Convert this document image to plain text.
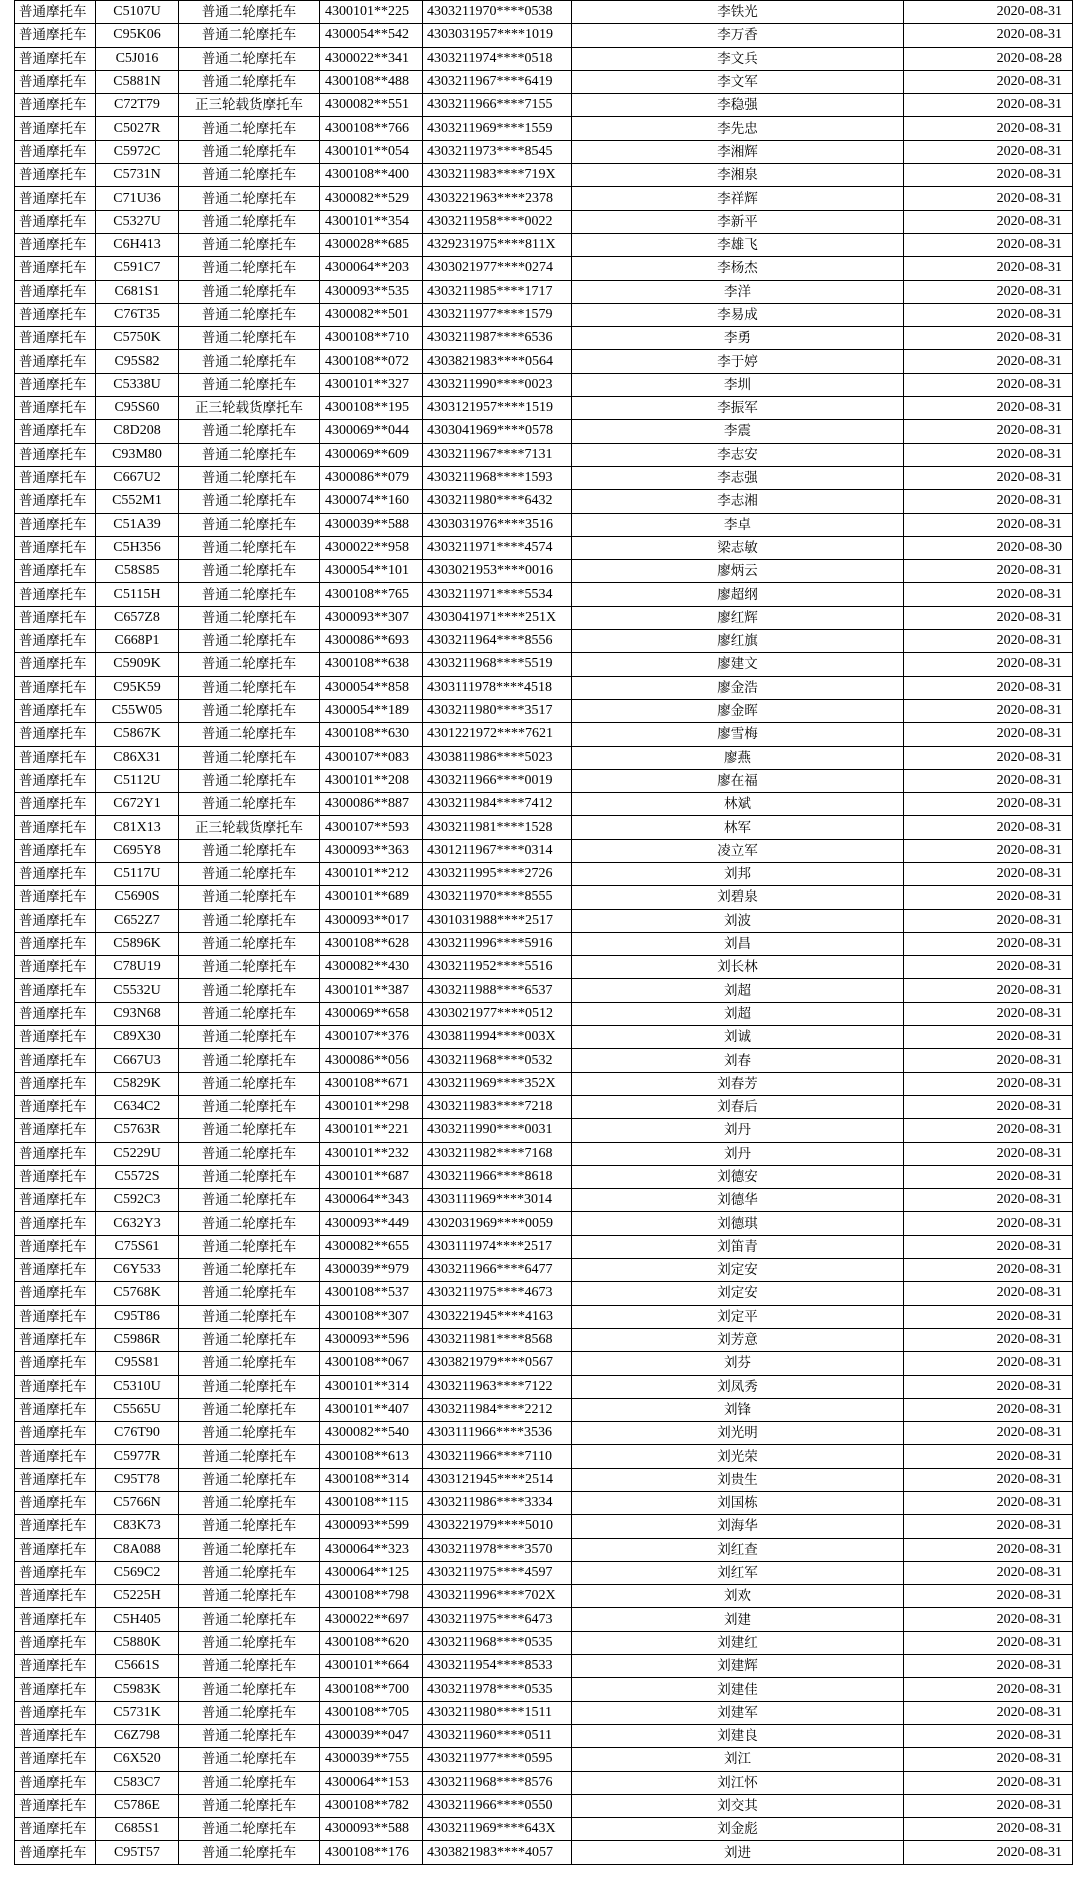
普通摩托车	C5107U	普通二轮摩托车	4300101**225	4303211970****0538	李铁光	2020-08-31
普通摩托车	C95K06	普通二轮摩托车	4300054**542	4303031957****1019	李万香	2020-08-31
普通摩托车	C5J016	普通二轮摩托车	4300022**341	4303211974****0518	李文兵	2020-08-28
普通摩托车	C5881N	普通二轮摩托车	4300108**488	4303211967****6419	李文军	2020-08-31
普通摩托车	C72T79	正三轮载货摩托车	4300082**551	4303211966****7155	李稳强	2020-08-31
普通摩托车	C5027R	普通二轮摩托车	4300108**766	4303211969****1559	李先忠	2020-08-31
普通摩托车	C5972C	普通二轮摩托车	4300101**054	4303211973****8545	李湘辉	2020-08-31
普通摩托车	C5731N	普通二轮摩托车	4300108**400	4303211983****719X	李湘泉	2020-08-31
普通摩托车	C71U36	普通二轮摩托车	4300082**529	4303221963****2378	李祥辉	2020-08-31
普通摩托车	C5327U	普通二轮摩托车	4300101**354	4303211958****0022	李新平	2020-08-31
普通摩托车	C6H413	普通二轮摩托车	4300028**685	4329231975****811X	李雄飞	2020-08-31
普通摩托车	C591C7	普通二轮摩托车	4300064**203	4303021977****0274	李杨杰	2020-08-31
普通摩托车	C681S1	普通二轮摩托车	4300093**535	4303211985****1717	李洋	2020-08-31
普通摩托车	C76T35	普通二轮摩托车	4300082**501	4303211977****1579	李易成	2020-08-31
普通摩托车	C5750K	普通二轮摩托车	4300108**710	4303211987****6536	李勇	2020-08-31
普通摩托车	C95S82	普通二轮摩托车	4300108**072	4303821983****0564	李于婷	2020-08-31
普通摩托车	C5338U	普通二轮摩托车	4300101**327	4303211990****0023	李圳	2020-08-31
普通摩托车	C95S60	正三轮载货摩托车	4300108**195	4303121957****1519	李振军	2020-08-31
普通摩托车	C8D208	普通二轮摩托车	4300069**044	4303041969****0578	李震	2020-08-31
普通摩托车	C93M80	普通二轮摩托车	4300069**609	4303211967****7131	李志安	2020-08-31
普通摩托车	C667U2	普通二轮摩托车	4300086**079	4303211968****1593	李志强	2020-08-31
普通摩托车	C552M1	普通二轮摩托车	4300074**160	4303211980****6432	李志湘	2020-08-31
普通摩托车	C51A39	普通二轮摩托车	4300039**588	4303031976****3516	李卓	2020-08-31
普通摩托车	C5H356	普通二轮摩托车	4300022**958	4303211971****4574	梁志敏	2020-08-30
普通摩托车	C58S85	普通二轮摩托车	4300054**101	4303021953****0016	廖炳云	2020-08-31
普通摩托车	C5115H	普通二轮摩托车	4300108**765	4303211971****5534	廖超纲	2020-08-31
普通摩托车	C657Z8	普通二轮摩托车	4300093**307	4303041971****251X	廖红辉	2020-08-31
普通摩托车	C668P1	普通二轮摩托车	4300086**693	4303211964****8556	廖红旗	2020-08-31
普通摩托车	C5909K	普通二轮摩托车	4300108**638	4303211968****5519	廖建文	2020-08-31
普通摩托车	C95K59	普通二轮摩托车	4300054**858	4303111978****4518	廖金浩	2020-08-31
普通摩托车	C55W05	普通二轮摩托车	4300054**189	4303211980****3517	廖金晖	2020-08-31
普通摩托车	C5867K	普通二轮摩托车	4300108**630	4301221972****7621	廖雪梅	2020-08-31
普通摩托车	C86X31	普通二轮摩托车	4300107**083	4303811986****5023	廖燕	2020-08-31
普通摩托车	C5112U	普通二轮摩托车	4300101**208	4303211966****0019	廖在福	2020-08-31
普通摩托车	C672Y1	普通二轮摩托车	4300086**887	4303211984****7412	林斌	2020-08-31
普通摩托车	C81X13	正三轮载货摩托车	4300107**593	4303211981****1528	林军	2020-08-31
普通摩托车	C695Y8	普通二轮摩托车	4300093**363	4301211967****0314	凌立军	2020-08-31
普通摩托车	C5117U	普通二轮摩托车	4300101**212	4303211995****2726	刘邦	2020-08-31
普通摩托车	C5690S	普通二轮摩托车	4300101**689	4303211970****8555	刘碧泉	2020-08-31
普通摩托车	C652Z7	普通二轮摩托车	4300093**017	4301031988****2517	刘波	2020-08-31
普通摩托车	C5896K	普通二轮摩托车	4300108**628	4303211996****5916	刘昌	2020-08-31
普通摩托车	C78U19	普通二轮摩托车	4300082**430	4303211952****5516	刘长林	2020-08-31
普通摩托车	C5532U	普通二轮摩托车	4300101**387	4303211988****6537	刘超	2020-08-31
普通摩托车	C93N68	普通二轮摩托车	4300069**658	4303021977****0512	刘超	2020-08-31
普通摩托车	C89X30	普通二轮摩托车	4300107**376	4303811994****003X	刘诚	2020-08-31
普通摩托车	C667U3	普通二轮摩托车	4300086**056	4303211968****0532	刘春	2020-08-31
普通摩托车	C5829K	普通二轮摩托车	4300108**671	4303211969****352X	刘春芳	2020-08-31
普通摩托车	C634C2	普通二轮摩托车	4300101**298	4303211983****7218	刘春后	2020-08-31
普通摩托车	C5763R	普通二轮摩托车	4300101**221	4303211990****0031	刘丹	2020-08-31
普通摩托车	C5229U	普通二轮摩托车	4300101**232	4303211982****7168	刘丹	2020-08-31
普通摩托车	C5572S	普通二轮摩托车	4300101**687	4303211966****8618	刘德安	2020-08-31
普通摩托车	C592C3	普通二轮摩托车	4300064**343	4303111969****3014	刘德华	2020-08-31
普通摩托车	C632Y3	普通二轮摩托车	4300093**449	4302031969****0059	刘德琪	2020-08-31
普通摩托车	C75S61	普通二轮摩托车	4300082**655	4303111974****2517	刘笛青	2020-08-31
普通摩托车	C6Y533	普通二轮摩托车	4300039**979	4303211966****6477	刘定安	2020-08-31
普通摩托车	C5768K	普通二轮摩托车	4300108**537	4303211975****4673	刘定安	2020-08-31
普通摩托车	C95T86	普通二轮摩托车	4300108**307	4303221945****4163	刘定平	2020-08-31
普通摩托车	C5986R	普通二轮摩托车	4300093**596	4303211981****8568	刘芳意	2020-08-31
普通摩托车	C95S81	普通二轮摩托车	4300108**067	4303821979****0567	刘芬	2020-08-31
普通摩托车	C5310U	普通二轮摩托车	4300101**314	4303211963****7122	刘凤秀	2020-08-31
普通摩托车	C5565U	普通二轮摩托车	4300101**407	4303211984****2212	刘锋	2020-08-31
普通摩托车	C76T90	普通二轮摩托车	4300082**540	4303111966****3536	刘光明	2020-08-31
普通摩托车	C5977R	普通二轮摩托车	4300108**613	4303211966****7110	刘光荣	2020-08-31
普通摩托车	C95T78	普通二轮摩托车	4300108**314	4303121945****2514	刘贵生	2020-08-31
普通摩托车	C5766N	普通二轮摩托车	4300108**115	4303211986****3334	刘国栋	2020-08-31
普通摩托车	C83K73	普通二轮摩托车	4300093**599	4303221979****5010	刘海华	2020-08-31
普通摩托车	C8A088	普通二轮摩托车	4300064**323	4303211978****3570	刘红查	2020-08-31
普通摩托车	C569C2	普通二轮摩托车	4300064**125	4303211975****4597	刘红军	2020-08-31
普通摩托车	C5225H	普通二轮摩托车	4300108**798	4303211996****702X	刘欢	2020-08-31
普通摩托车	C5H405	普通二轮摩托车	4300022**697	4303211975****6473	刘建	2020-08-31
普通摩托车	C5880K	普通二轮摩托车	4300108**620	4303211968****0535	刘建红	2020-08-31
普通摩托车	C5661S	普通二轮摩托车	4300101**664	4303211954****8533	刘建辉	2020-08-31
普通摩托车	C5983K	普通二轮摩托车	4300108**700	4303211978****0535	刘建佳	2020-08-31
普通摩托车	C5731K	普通二轮摩托车	4300108**705	4303211980****1511	刘建军	2020-08-31
普通摩托车	C6Z798	普通二轮摩托车	4300039**047	4303211960****0511	刘建良	2020-08-31
普通摩托车	C6X520	普通二轮摩托车	4300039**755	4303211977****0595	刘江	2020-08-31
普通摩托车	C583C7	普通二轮摩托车	4300064**153	4303211968****8576	刘江怀	2020-08-31
普通摩托车	C5786E	普通二轮摩托车	4300108**782	4303211966****0550	刘交其	2020-08-31
普通摩托车	C685S1	普通二轮摩托车	4300093**588	4303211969****643X	刘金彪	2020-08-31
普通摩托车	C95T57	普通二轮摩托车	4300108**176	4303821983****4057	刘进	2020-08-31
